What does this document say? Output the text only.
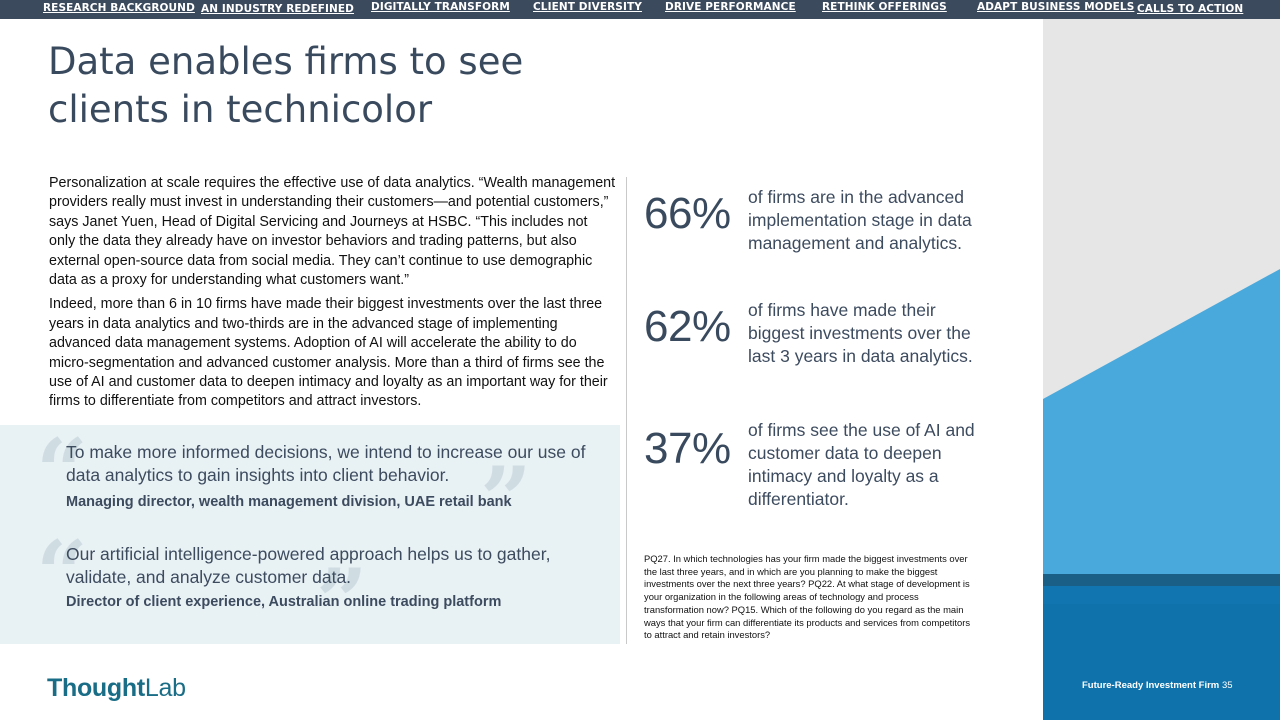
RESEARCH BACKGROUND AN INDUSTRY REDEFINED DIGITALLY TRANSFORM CLIENT DIVERSITY DRIVE PERFORMANCE	RETHINK OFFERINGS	ADAPT BUSINESS MODELS CALLS TO ACTION
Future-Ready Investment Firm 35
Data enables firms to see clients in technicolor

Personalization at scale requires the effective use of data analytics. “Wealth management providers really must invest in understanding their customers—and potential customers,” says Janet Yuen, Head of Digital Servicing and Journeys at HSBC. “This includes not only the data they already have on investor behaviors and trading patterns, but also external open-source data from social media. They can’t continue to use demographic data as a proxy for understanding what customers want.”

Indeed, more than 6 in 10 firms have made their biggest investments over the last three years in data analytics and two-thirds are in the advanced stage of implementing advanced data management systems. Adoption of AI will accelerate the ability to do micro-segmentation and advanced customer analysis. More than a third of firms see the use of AI and customer data to deepen intimacy and loyalty as an important way for their firms to differentiate from competitors and attract investors.

“	”
To make more informed decisions, we intend to increase our use of data analytics to gain insights into client behavior.
Managing director, wealth management division, UAE retail bank
“	”
Our artificial intelligence-powered approach helps us to gather, validate, and analyze customer data.
Director of client experience, Australian online trading platform
66% of firms are in the advanced implementation stage in data management and analytics.
62% of firms have made their biggest investments over the last 3 years in data analytics.
37% of firms see the use of AI and customer data to deepen intimacy and loyalty as a differentiator.
PQ27. In which technologies has your firm made the biggest investments over the last three years, and in which are you planning to make the biggest investments over the next three years? PQ22. At what stage of development is your organization in the following areas of technology and process transformation now? PQ15. Which of the following do you regard as the main ways that your firm can differentiate its products and services from competitors to attract and retain investors?
ThoughtLab
